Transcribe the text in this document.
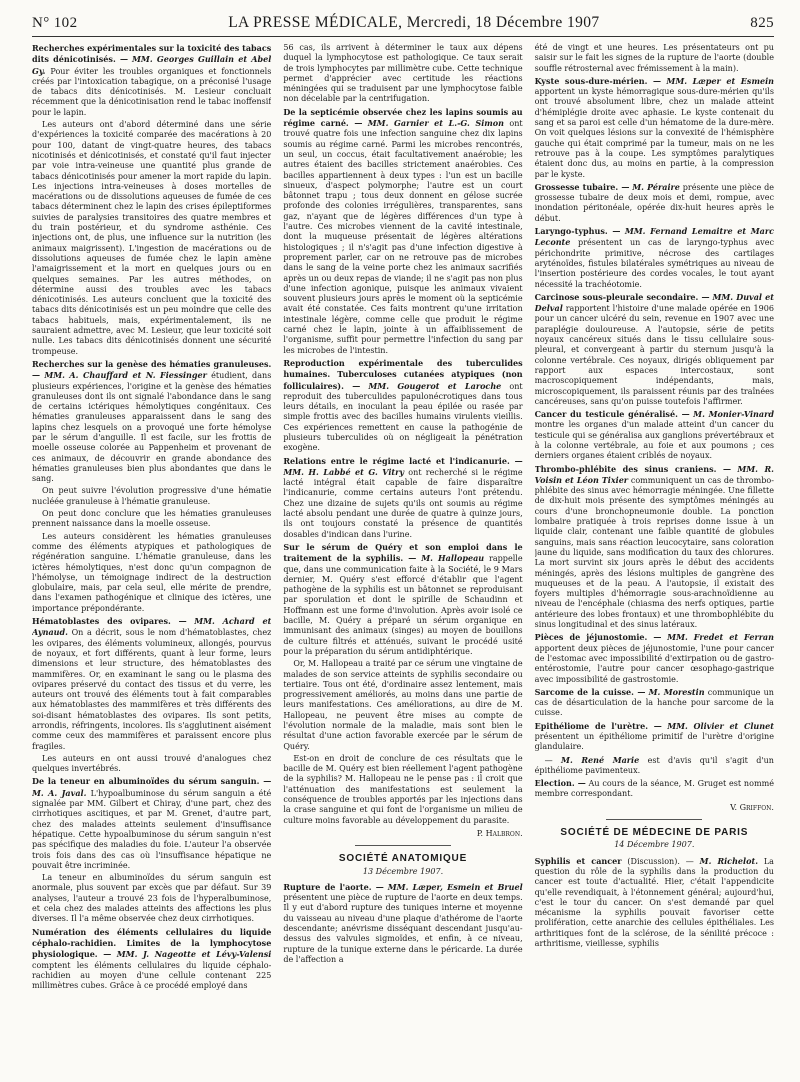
N° 102	LA PRESSE MÉDICALE, Mercredi, 18 Décembre 1907	825

Recherches expérimentales sur la toxicité des tabacs dits dénicotinisés. — MM. Georges Guillain et Abel Gy. Pour éviter les troubles organiques et fonctionnels créés par l'intoxication tabagique, on a préconisé l'usage de tabacs dits dénicotinisés. M. Lesieur concluait récemment que la dénicotinisation rend le tabac inoffensif pour le lapin.

Les auteurs ont d'abord déterminé dans une série d'expériences la toxicité comparée des macérations à 20 pour 100, datant de vingt-quatre heures, des tabacs nicotinisés et dénicotinisés, et constaté qu'il faut injecter par voie intra-veineuse une quantité plus grande de tabacs dénicotinisés pour amener la mort rapide du lapin. Les injections intra-veineuses à doses mortelles de macérations ou de dissolutions aqueuses de fumée de ces tabacs déterminent chez le lapin des crises épileptiformes suivies de paralysies transitoires des quatre membres et du train postérieur, et du syndrome asthénie. Ces injections ont, de plus, une influence sur la nutrition (les animaux maigrissent). L'ingestion de macérations ou de dissolutions aqueuses de fumée chez le lapin amène l'amaigrissement et la mort en quelques jours ou en quelques semaines. Par les autres méthodes, on détermine aussi des troubles avec les tabacs dénicotinisés. Les auteurs concluent que la toxicité des tabacs dits dénicotinisés est un peu moindre que celle des tabacs habituels, mais, expérimentalement, ils ne sauraient admettre, avec M. Lesieur, que leur toxicité soit nulle. Les tabacs dits dénicotinisés donnent une sécurité trompeuse.

Recherches sur la genèse des hématies granuleuses. — MM. A. Chauffard et N. Fiessinger étudient, dans plusieurs expériences, l'origine et la genèse des hématies granuleuses dont ils ont signalé l'abondance dans le sang de certains ictériques hémolytiques congénitaux. Ces hématies granuleuses apparaissent dans le sang des lapins chez lesquels on a provoqué une forte hémolyse par le sérum d'anguille. Il est facile, sur les frottis de moelle osseuse colorée au Pappenheim et provenant de ces animaux, de découvrir en grande abondance des hématies granuleuses bien plus abondantes que dans le sang.

On peut suivre l'évolution progressive d'une hématie nucléée granuleuse à l'hématie granuleuse.

On peut donc conclure que les hématies granuleuses prennent naissance dans la moelle osseuse.

Les auteurs considèrent les hématies granuleuses comme des éléments atypiques et pathologiques de régénération sanguine. L'hématie granuleuse, dans les ictères hémolytiques, n'est donc qu'un compagnon de l'hémolyse, un témoignage indirect de la destruction globulaire, mais, par cela seul, elle mérite de prendre, dans l'examen pathogénique et clinique des ictères, une importance prépondérante.

Hématoblastes des ovipares. — MM. Achard et Aynaud. On a décrit, sous le nom d'hématoblastes, chez les ovipares, des éléments volumineux, allongés, pourvus de noyaux, et fort différents, quant à leur forme, leurs dimensions et leur structure, des hématoblastes des mammifères. Or, en examinant le sang ou le plasma des ovipares préservé du contact des tissus et du verre, les auteurs ont trouvé des éléments tout à fait comparables aux hématoblastes des mammifères et très différents des soi-disant hématoblastes des ovipares. Ils sont petits, arrondis, réfringents, incolores. Ils s'agglutinent aisément comme ceux des mammifères et paraissent encore plus fragiles.

Les auteurs en ont aussi trouvé d'analogues chez quelques invertébrés.

De la teneur en albuminoïdes du sérum sanguin. — M. A. Javal. L'hypoalbuminose du sérum sanguin a été signalée par MM. Gilbert et Chiray, d'une part, chez des cirrhotiques ascitiques, et par M. Grenet, d'autre part, chez des malades atteints seulement d'insuffisance hépatique. Cette hypoalbuminose du sérum sanguin n'est pas spécifique des maladies du foie. L'auteur l'a observée trois fois dans des cas où l'insuffisance hépatique ne pouvait être incriminée.

La teneur en albuminoïdes du sérum sanguin est anormale, plus souvent par excès que par défaut. Sur 39 analyses, l'auteur a trouvé 23 fois de l'hyperalbuminose, et cela chez des malades atteints des affections les plus diverses. Il l'a même observée chez deux cirrhotiques.

Numération des éléments cellulaires du liquide céphalo-rachidien. Limites de la lymphocytose physiologique. — MM. J. Nageotte et Lévy-Valensi comptent les éléments cellulaires du liquide céphalo-rachidien au moyen d'une cellule contenant 225 millimètres cubes. Grâce à ce procédé employé dans

56 cas, ils arrivent à déterminer le taux aux dépens duquel la lymphocytose est pathologique. Ce taux serait de trois lymphocytes par millimètre cube. Cette technique permet d'apprécier avec certitude les réactions méningées qui se traduisent par une lymphocytose faible non décelable par la centrifugation.

De la septicémie observée chez les lapins soumis au régime carné. — MM. Garnier et L.-G. Simon ont trouvé quatre fois une infection sanguine chez dix lapins soumis au régime carné. Parmi les microbes rencontrés, un seul, un coccus, était facultativement anaérobie; les autres étaient des bacilles strictement anaérobies. Ces bacilles appartiennent à deux types : l'un est un bacille sinueux, d'aspect polymorphe; l'autre est un court bâtonnet trapu ; tous deux donnent en gélose sucrée profonde des colonies irrégulières, transparentes, sans gaz, n'ayant que de légères différences d'un type à l'autre. Ces microbes viennent de la cavité intestinale, dont la muqueuse présentait de légères altérations histologiques ; il n's'agit pas d'une infection digestive à proprement parler, car on ne retrouve pas de microbes dans le sang de la veine porte chez les animaux sacrifiés après un ou deux repas de viande; il ne s'agit pas non plus d'une infection agonique, puisque les animaux vivaient souvent plusieurs jours après le moment où la septicémie avait été constatée. Ces faits montrent qu'une irritation intestinale légère, comme celle que produit le régime carné chez le lapin, jointe à un affaiblissement de l'organisme, suffit pour permettre l'infection du sang par les microbes de l'intestin.

Reproduction expérimentale des tuberculides humaines. Tuberculoses cutanées atypiques (non folliculaires). — MM. Gougerot et Laroche ont reproduit des tuberculides papulonécrotiques dans tous leurs détails, en inoculant la peau épilée ou rasée par simple frottis avec des bacilles humains virulents vieillis. Ces expériences remettent en cause la pathogénie de plusieurs tuberculides où on négligeait la pénétration exogène.

Relations entre le régime lacté et l'indicanurie. — MM. H. Labbé et G. Vitry ont recherché si le régime lacté intégral était capable de faire disparaître l'indicanurie, comme certains auteurs l'ont prétendu. Chez une dizaine de sujets qu'ils ont soumis au régime lacté absolu pendant une durée de quatre à quinze jours, ils ont toujours constaté la présence de quantités dosables d'indican dans l'urine.

Sur le sérum de Quéry et son emploi dans le traitement de la syphilis. — M. Hallopeau rappelle que, dans une communication faite à la Société, le 9 Mars dernier, M. Quéry s'est efforcé d'établir que l'agent pathogène de la syphilis est un bâtonnet se reproduisant par sporulation et dont le spirille de Schaudinn et Hoffmann est une forme d'involution. Après avoir isolé ce bacille, M. Quéry a préparé un sérum organique en immunisant des animaux (singes) au moyen de bouillons de culture filtrés et atténués, suivant le procédé usité pour la préparation du sérum antidiphtérique.

Or, M. Hallopeau a traité par ce sérum une vingtaine de malades de son service atteints de syphilis secondaire ou tertiaire. Tous ont été, d'ordinaire assez lentement, mais progressivement améliorés, au moins dans une partie de leurs manifestations. Ces améliorations, au dire de M. Hallopeau, ne peuvent être mises au compte de l'évolution normale de la maladie, mais sont bien le résultat d'une action favorable exercée par le sérum de Quéry.

Est-on en droit de conclure de ces résultats que le bacille de M. Quéry est bien réellement l'agent pathogène de la syphilis? M. Hallopeau ne le pense pas : il croit que l'atténuation des manifestations est seulement la conséquence de troubles apportés par les injections dans la crase sanguine et qui font de l'organisme un milieu de culture moins favorable au développement du parasite.

P. Halbron.
SOCIÉTÉ ANATOMIQUE
13 Décembre 1907.

Rupture de l'aorte. — MM. Læper, Esmein et Bruel présentent une pièce de rupture de l'aorte en deux temps. Il y eut d'abord rupture des tuniques interne et moyenne du vaisseau au niveau d'une plaque d'athérome de l'aorte descendante; anévrisme disséquant descendant jusqu'au-dessus des valvules sigmoïdes, et enfin, à ce niveau, rupture de la tunique externe dans le péricarde. La durée de l'affection a

été de vingt et une heures. Les présentateurs ont pu saisir sur le fait les signes de la rupture de l'aorte (double souffle rétrosternal avec frémissement à la main).

Kyste sous-dure-mérien. — MM. Læper et Esmein apportent un kyste hémorragique sous-dure-mérien qu'ils ont trouvé absolument libre, chez un malade atteint d'hémiplégie droite avec aphasie. Le kyste contenait du sang et sa paroi est celle d'un hématome de la dure-mère. On voit quelques lésions sur la convexité de l'hémisphère gauche qui était comprimé par la tumeur, mais on ne les retrouve pas à la coupe. Les symptômes paralytiques étaient donc dus, au moins en partie, à la compression par le kyste.

Grossesse tubaire. — M. Péraire présente une pièce de grossesse tubaire de deux mois et demi, rompue, avec inondation péritonéale, opérée dix-huit heures après le début.

Laryngo-typhus. — MM. Fernand Lemaitre et Marc Leconte présentent un cas de laryngo-typhus avec périchondrite primitive, nécrose des cartilages aryténoïdes, fistules bilatérales symétriques au niveau de l'insertion postérieure des cordes vocales, le tout ayant nécessité la trachéotomie.

Carcinose sous-pleurale secondaire. — MM. Duval et Delval rapportent l'histoire d'une malade opérée en 1906 pour un cancer ulcéré du sein, revenue en 1907 avec une paraplégie douloureuse. A l'autopsie, série de petits noyaux cancéreux situés dans le tissu cellulaire sous-pleural, et convergeant à partir du sternum jusqu'à la colonne vertébrale. Ces noyaux, dirigés obliquement par rapport aux espaces intercostaux, sont macroscopiquement indépendants, mais, microscopiquement, ils paraissent réunis par des traînées cancéreuses, sans qu'on puisse toutefois l'affirmer.

Cancer du testicule généralisé. — M. Monier-Vinard montre les organes d'un malade atteint d'un cancer du testicule qui se généralisa aux ganglions prévertébraux et à la colonne vertébrale, au foie et aux poumons ; ces derniers organes étaient criblés de noyaux.

Thrombo-phlébite des sinus craniens. — MM. R. Voisin et Léon Tixier communiquent un cas de thrombo-phlébite des sinus avec hémorragie méningée. Une fillette de dix-huit mois présente des symptômes méningés au cours d'une bronchopneumonie double. La ponction lombaire pratiquée à trois reprises donne issue à un liquide clair, contenant une faible quantité de globules sanguins, mais sans réaction leucocytaire, sans coloration jaune du liquide, sans modification du taux des chlorures. La mort survint six jours après le début des accidents méningés, après des lésions multiples de gangrène des muqueuses et de la peau. A l'autopsie, il existait des foyers multiples d'hémorragie sous-arachnoïdienne au niveau de l'encéphale (chiasma des nerfs optiques, partie antérieure des lobes frontaux) et une thrombophlébite du sinus longitudinal et des sinus latéraux.

Pièces de jéjunostomie. — MM. Fredet et Ferran apportent deux pièces de jéjunostomie, l'une pour cancer de l'estomac avec impossibilité d'extirpation ou de gastro-entérostomie, l'autre pour cancer œsophago-gastrique avec impossibilité de gastrostomie.

Sarcome de la cuisse. — M. Morestin communique un cas de désarticulation de la hanche pour sarcome de la cuisse.

Epithéliome de l'urètre. — MM. Olivier et Clunet présentent un épithéliome primitif de l'urètre d'origine glandulaire.

— M. René Marie est d'avis qu'il s'agit d'un épithéliome pavimenteux.

Election. — Au cours de la séance, M. Gruget est nommé membre correspondant.

V. Griffon.
SOCIÉTÉ DE MÉDECINE DE PARIS
14 Décembre 1907.

Syphilis et cancer (Discussion). — M. Richelot. La question du rôle de la syphilis dans la production du cancer est toute d'actualité. Hier, c'était l'appendicite qu'elle revendiquait, à l'étonnement général; aujourd'hui, c'est le tour du cancer. On s'est demandé par quel mécanisme la syphilis pouvait favoriser cette prolifération, cette anarchie des cellules épithéliales. Les arthritiques font de la sclérose, de la sénilité précoce : arthritisme, vieillesse, syphilis
